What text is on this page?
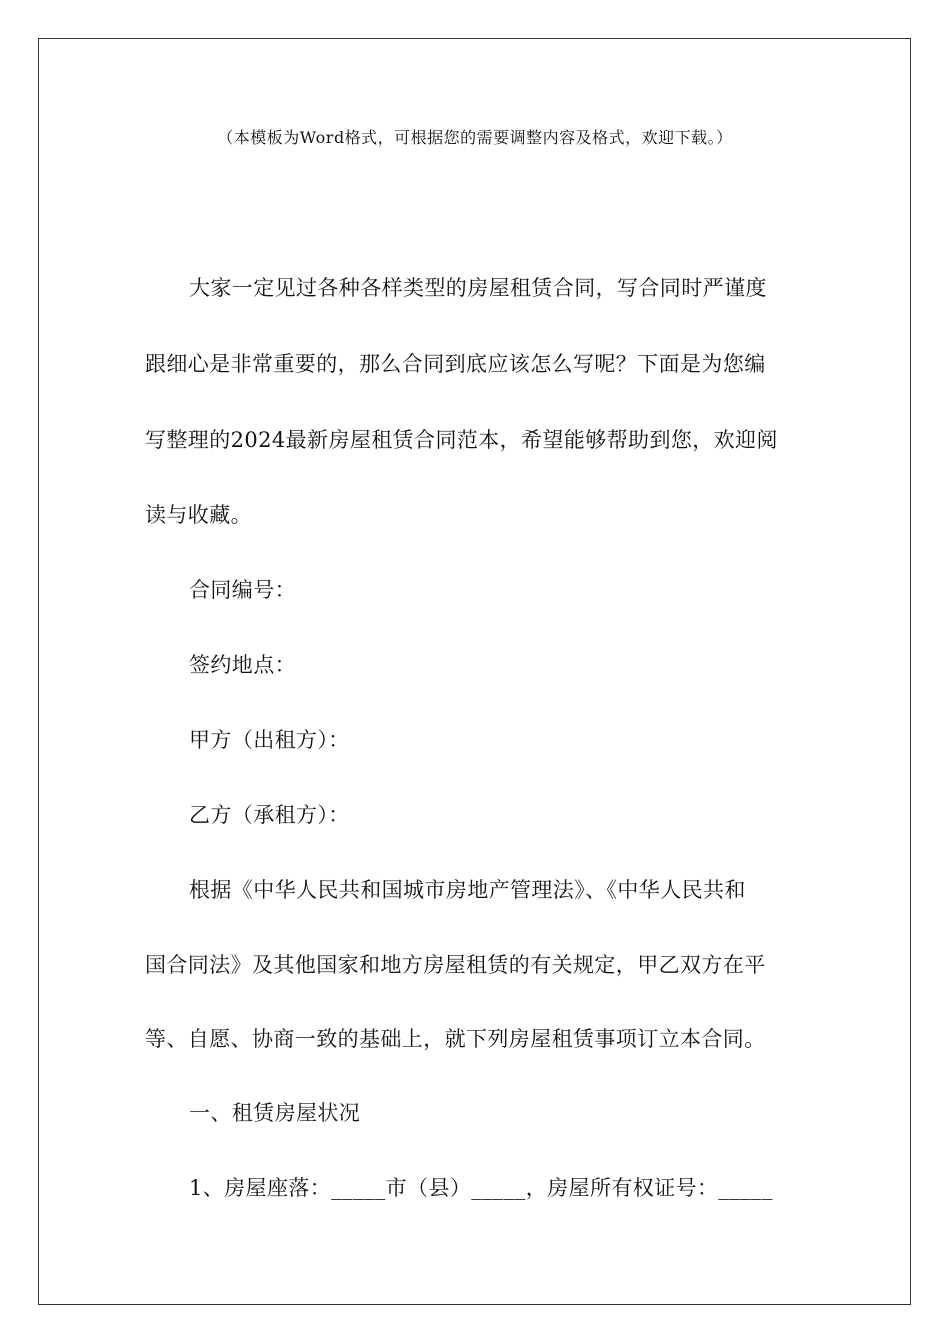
（本模板为Word格式，可根据您的需要调整内容及格式，欢迎下载。）
大家一定见过各种各样类型的房屋租赁合同，写合同时严谨度
跟细心是非常重要的，那么合同到底应该怎么写呢？下面是为您编
写整理的2024最新房屋租赁合同范本，希望能够帮助到您，欢迎阅
读与收藏。
合同编号：
签约地点：
甲方（出租方）：
乙方（承租方）：
根据《中华人民共和国城市房地产管理法》、《中华人民共和
国合同法》及其他国家和地方房屋租赁的有关规定，甲乙双方在平
等、自愿、协商一致的基础上，就下列房屋租赁事项订立本合同。
一、租赁房屋状况
1、房屋座落：_____市（县）_____，房屋所有权证号：_____
